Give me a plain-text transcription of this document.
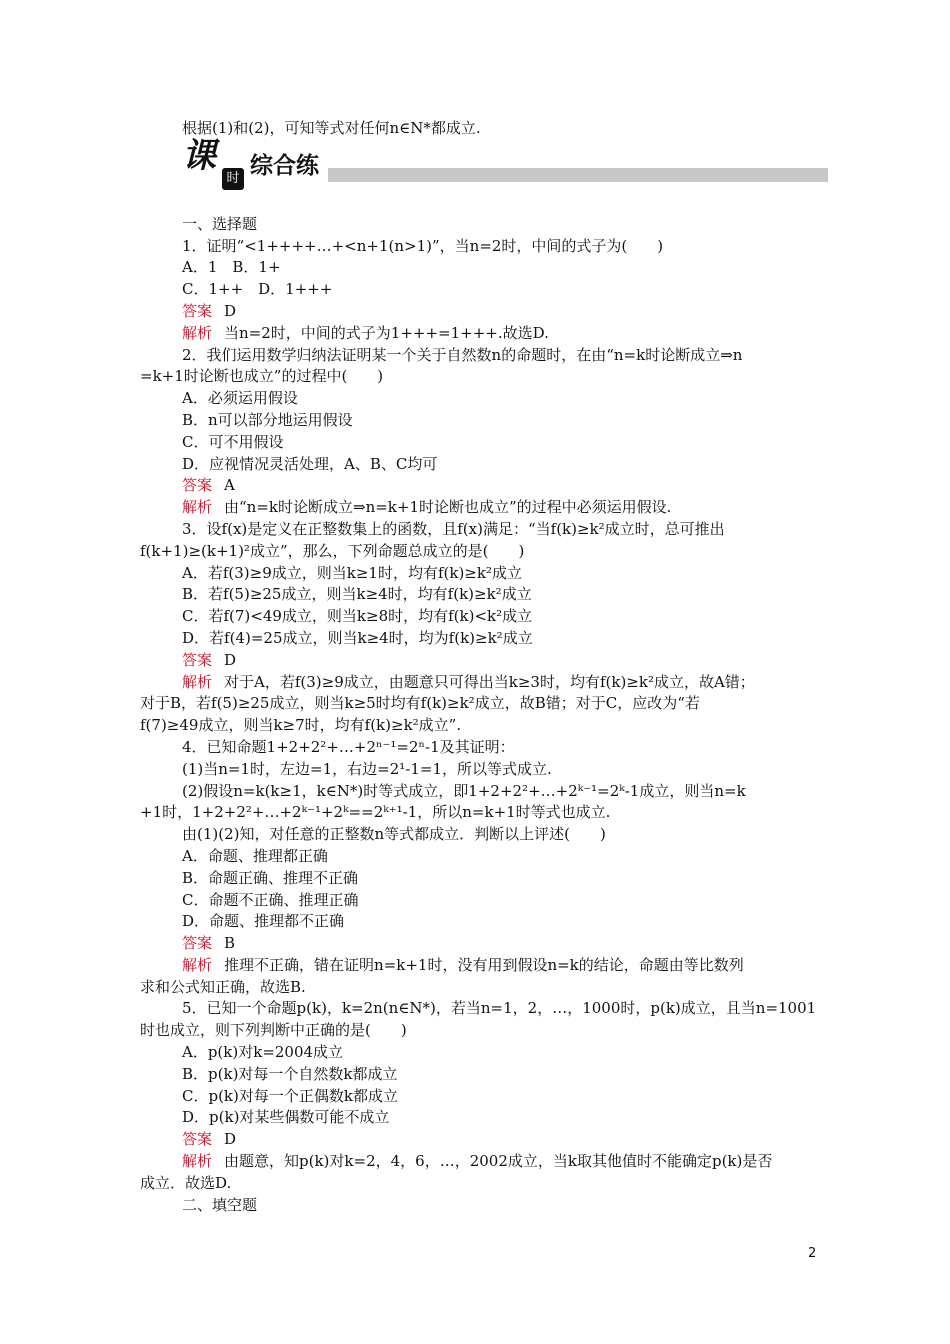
根据(1)和(2)，可知等式对任何n∈N*都成立.
课
时 综合练
一、选择题
1．证明“<1++++…+<n+1(n>1)”，当n=2时，中间的式子为(　　)
A．1　B．1+
C．1++　D．1+++
答案 D
解析 当n=2时，中间的式子为1+++=1+++.故选D.
2．我们运用数学归纳法证明某一个关于自然数n的命题时，在由“n=k时论断成立⇒n
=k+1时论断也成立”的过程中(　　)
A．必须运用假设
B．n可以部分地运用假设
C．可不用假设
D．应视情况灵活处理，A、B、C均可
答案 A
解析 由“n=k时论断成立⇒n=k+1时论断也成立”的过程中必须运用假设.
3．设f(x)是定义在正整数集上的函数，且f(x)满足：“当f(k)≥k²成立时，总可推出
f(k+1)≥(k+1)²成立”，那么，下列命题总成立的是(　　)
A．若f(3)≥9成立，则当k≥1时，均有f(k)≥k²成立
B．若f(5)≥25成立，则当k≥4时，均有f(k)≥k²成立
C．若f(7)<49成立，则当k≥8时，均有f(k)<k²成立
D．若f(4)=25成立，则当k≥4时，均为f(k)≥k²成立
答案 D
解析 对于A，若f(3)≥9成立，由题意只可得出当k≥3时，均有f(k)≥k²成立，故A错；
对于B，若f(5)≥25成立，则当k≥5时均有f(k)≥k²成立，故B错；对于C，应改为“若
f(7)≥49成立，则当k≥7时，均有f(k)≥k²成立”.
4．已知命题1+2+2²+…+2ⁿ⁻¹=2ⁿ-1及其证明：
(1)当n=1时，左边=1，右边=2¹-1=1，所以等式成立.
(2)假设n=k(k≥1，k∈N*)时等式成立，即1+2+2²+…+2ᵏ⁻¹=2ᵏ-1成立，则当n=k
+1时，1+2+2²+…+2ᵏ⁻¹+2ᵏ==2ᵏ⁺¹-1，所以n=k+1时等式也成立.
由(1)(2)知，对任意的正整数n等式都成立．判断以上评述(　　)
A．命题、推理都正确
B．命题正确、推理不正确
C．命题不正确、推理正确
D．命题、推理都不正确
答案 B
解析 推理不正确，错在证明n=k+1时，没有用到假设n=k的结论，命题由等比数列
求和公式知正确，故选B.
5．已知一个命题p(k)，k=2n(n∈N*)，若当n=1，2，…，1000时，p(k)成立，且当n=1001
时也成立，则下列判断中正确的是(　　)
A．p(k)对k=2004成立
B．p(k)对每一个自然数k都成立
C．p(k)对每一个正偶数k都成立
D．p(k)对某些偶数可能不成立
答案 D
解析 由题意，知p(k)对k=2，4，6，…，2002成立，当k取其他值时不能确定p(k)是否
成立．故选D.
二、填空题
2
